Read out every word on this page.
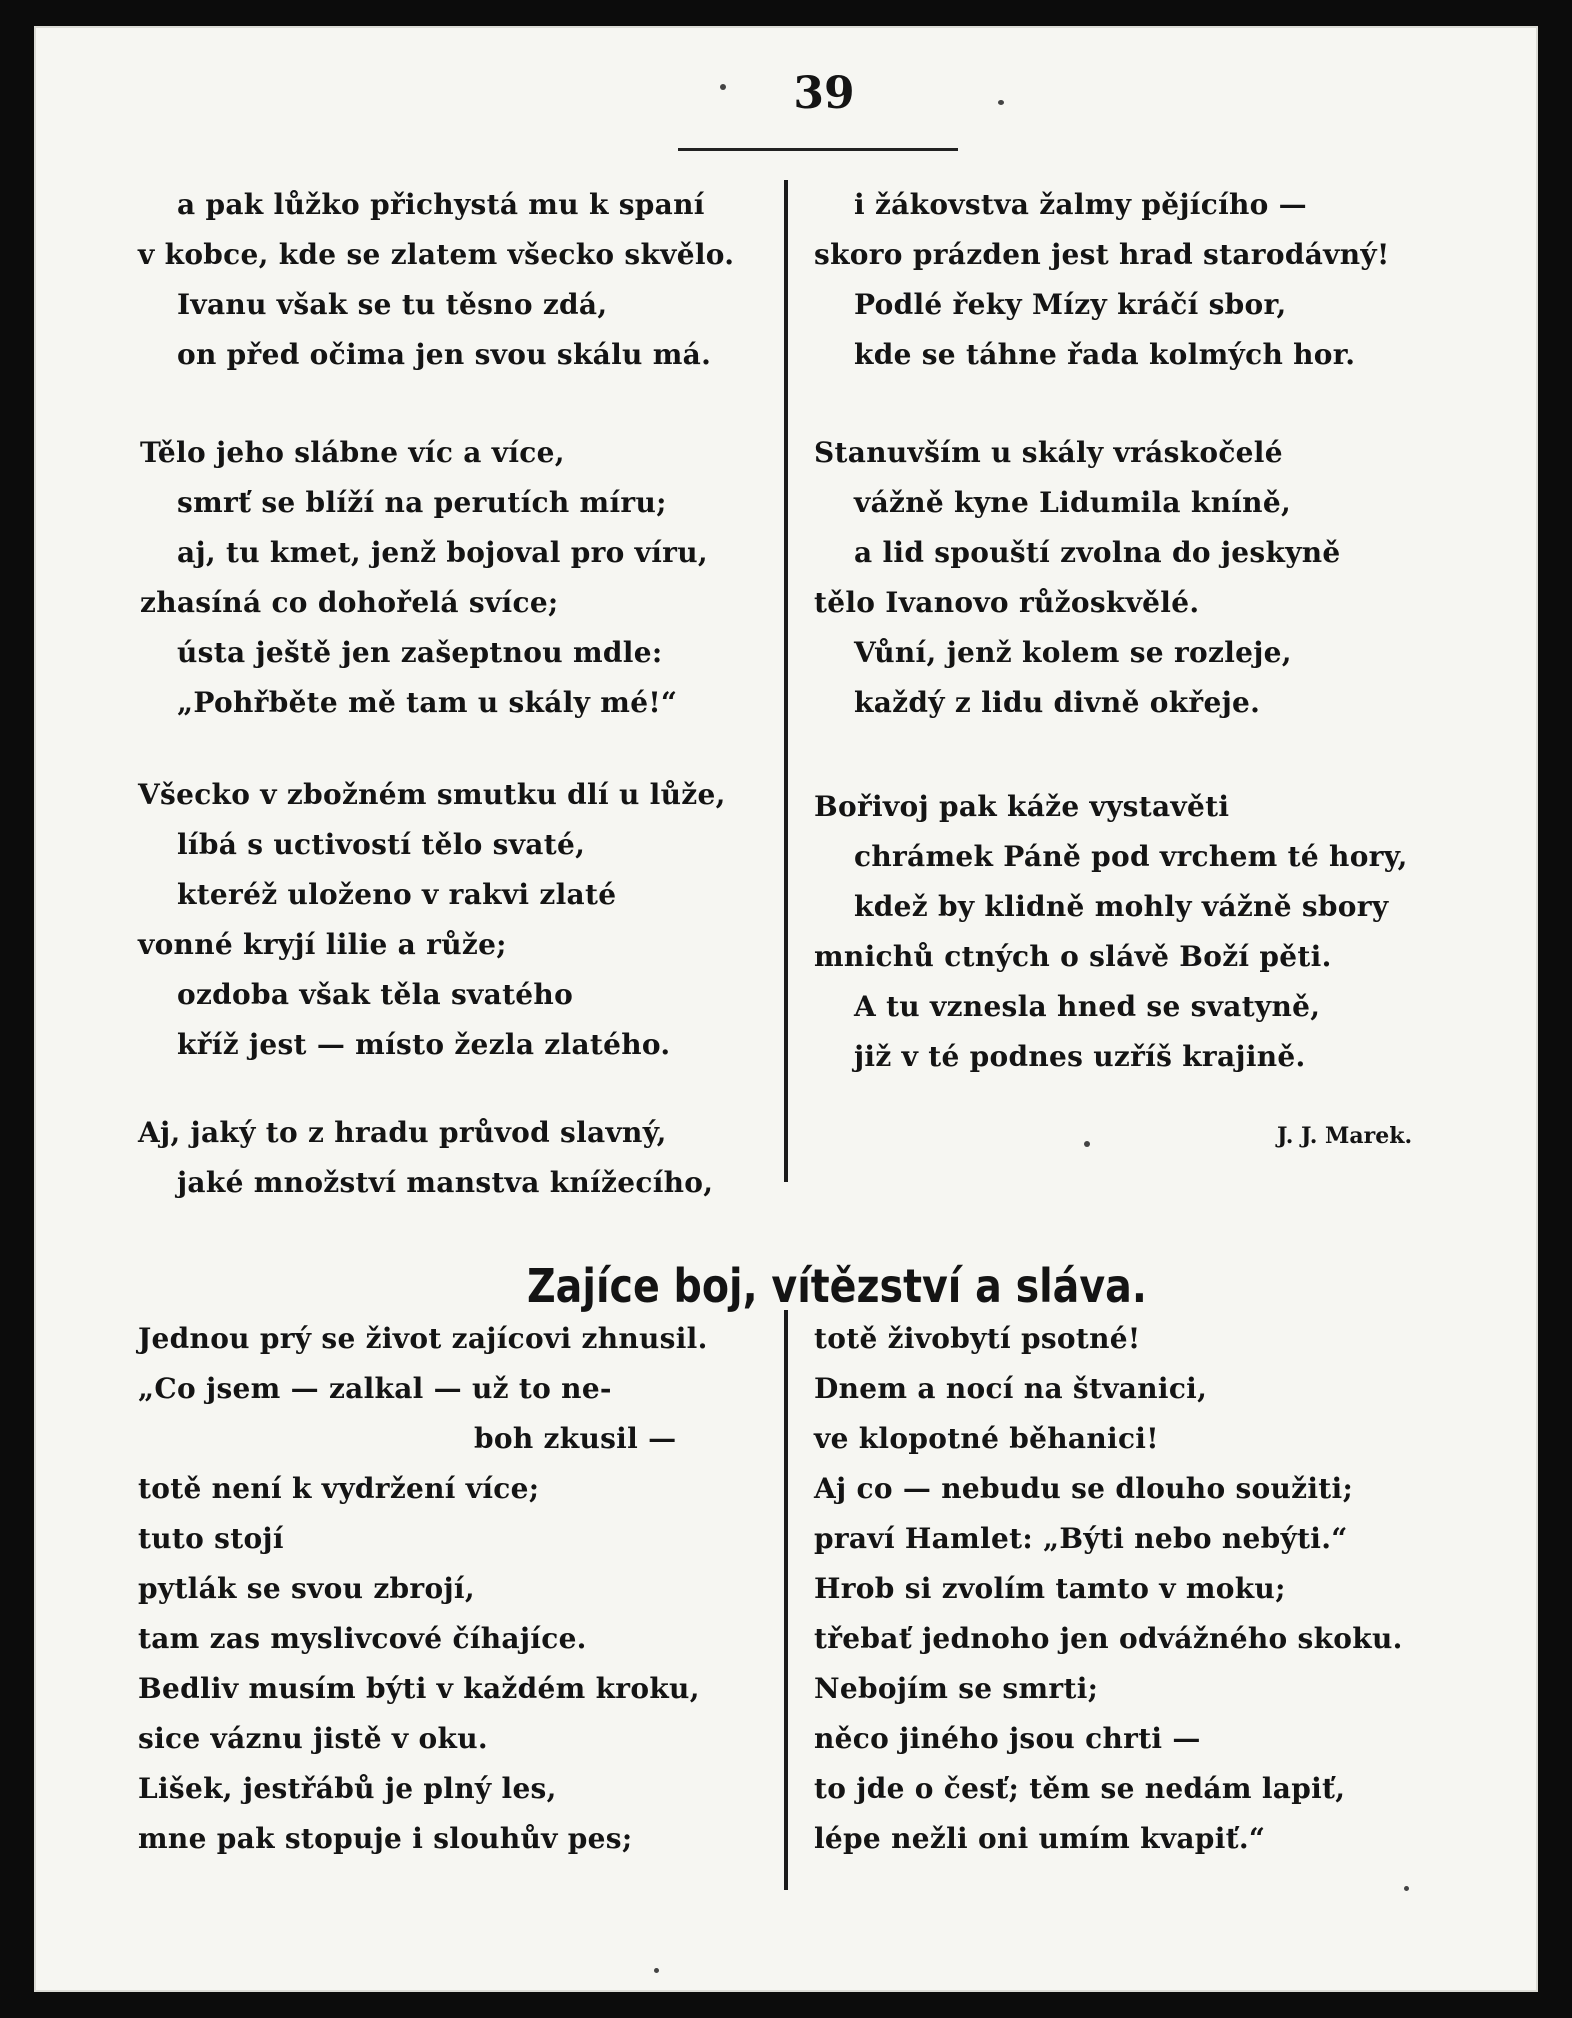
39
a pak lůžko přichystá mu k spaní
v kobce, kde se zlatem všecko skvělo.
Ivanu však se tu těsno zdá,
on před očima jen svou skálu má.
Tělo jeho slábne víc a více,
smrť se blíží na perutích míru;
aj, tu kmet, jenž bojoval pro víru,
zhasíná co dohořelá svíce;
ústa ještě jen zašeptnou mdle:
„Pohřběte mě tam u skály mé!“
Všecko v zbožném smutku dlí u lůže,
líbá s uctivostí tělo svaté,
kteréž uloženo v rakvi zlaté
vonné kryjí lilie a růže;
ozdoba však těla svatého
kříž jest — místo žezla zlatého.
Aj, jaký to z hradu průvod slavný,
jaké množství manstva knížecího,
i žákovstva žalmy pějícího —
skoro prázden jest hrad starodávný!
Podlé řeky Mízy kráčí sbor,
kde se táhne řada kolmých hor.
Stanuvším u skály vráskočelé
vážně kyne Lidumila kníně,
a lid spouští zvolna do jeskyně
tělo Ivanovo růžoskvělé.
Vůní, jenž kolem se rozleje,
každý z lidu divně okřeje.
Bořivoj pak káže vystavěti
chrámek Páně pod vrchem té hory,
kdež by klidně mohly vážně sbory
mnichů ctných o slávě Boží pěti.
A tu vznesla hned se svatyně,
již v té podnes uzříš krajině.
J. J. Marek.
Zajíce boj, vítězství a sláva.
Jednou prý se život zajícovi zhnusil.
„Co jsem — zalkal — už to ne-
boh zkusil —
totě není k vydržení více;
tuto stojí
pytlák se svou zbrojí,
tam zas myslivcové číhajíce.
Bedliv musím býti v každém kroku,
sice váznu jistě v oku.
Lišek, jestřábů je plný les,
mne pak stopuje i slouhův pes;
totě živobytí psotné!
Dnem a nocí na štvanici,
ve klopotné běhanici!
Aj co — nebudu se dlouho soužiti;
praví Hamlet: „Býti nebo nebýti.“
Hrob si zvolím tamto v moku;
třebať jednoho jen odvážného skoku.
Nebojím se smrti;
něco jiného jsou chrti —
to jde o česť; těm se nedám lapiť,
lépe nežli oni umím kvapiť.“
